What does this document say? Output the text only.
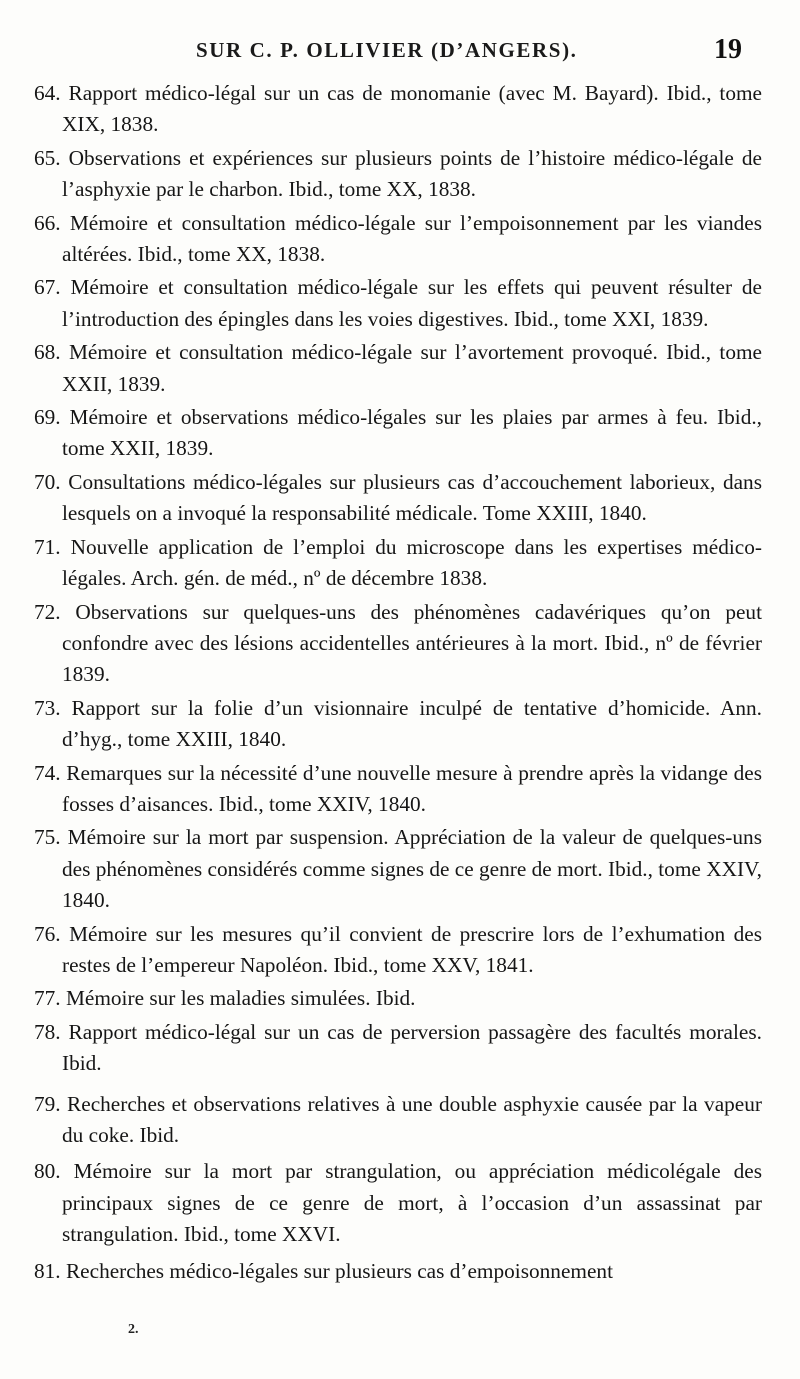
SUR C. P. OLLIVIER (D’ANGERS).	19

64. Rapport médico-légal sur un cas de monomanie (avec M. Bayard). Ibid., tome XIX, 1838.

65. Observations et expériences sur plusieurs points de l’histoire médico-légale de l’asphyxie par le charbon. Ibid., tome XX, 1838.

66. Mémoire et consultation médico-légale sur l’empoisonnement par les viandes altérées. Ibid., tome XX, 1838.

67. Mémoire et consultation médico-légale sur les effets qui peuvent résulter de l’introduction des épingles dans les voies digestives. Ibid., tome XXI, 1839.

68. Mémoire et consultation médico-légale sur l’avortement provoqué. Ibid., tome XXII, 1839.

69. Mémoire et observations médico-légales sur les plaies par armes à feu. Ibid., tome XXII, 1839.

70. Consultations médico-légales sur plusieurs cas d’accouchement laborieux, dans lesquels on a invoqué la responsabilité médicale. Tome XXIII, 1840.

71. Nouvelle application de l’emploi du microscope dans les expertises médico-légales. Arch. gén. de méd., nº de décembre 1838.

72. Observations sur quelques-uns des phénomènes cadavériques qu’on peut confondre avec des lésions accidentelles antérieures à la mort. Ibid., nº de février 1839.

73. Rapport sur la folie d’un visionnaire inculpé de tentative d’homicide. Ann. d’hyg., tome XXIII, 1840.

74. Remarques sur la nécessité d’une nouvelle mesure à prendre après la vidange des fosses d’aisances. Ibid., tome XXIV, 1840.

75. Mémoire sur la mort par suspension. Appréciation de la valeur de quelques-uns des phénomènes considérés comme signes de ce genre de mort. Ibid., tome XXIV, 1840.

76. Mémoire sur les mesures qu’il convient de prescrire lors de l’exhumation des restes de l’empereur Napoléon. Ibid., tome XXV, 1841.

77. Mémoire sur les maladies simulées. Ibid.

78. Rapport médico-légal sur un cas de perversion passagère des facultés morales. Ibid.

79. Recherches et observations relatives à une double asphyxie causée par la vapeur du coke. Ibid.

80. Mémoire sur la mort par strangulation, ou appréciation médicolégale des principaux signes de ce genre de mort, à l’occasion d’un assassinat par strangulation. Ibid., tome XXVI.

81. Recherches médico-légales sur plusieurs cas d’empoisonnement

2.
